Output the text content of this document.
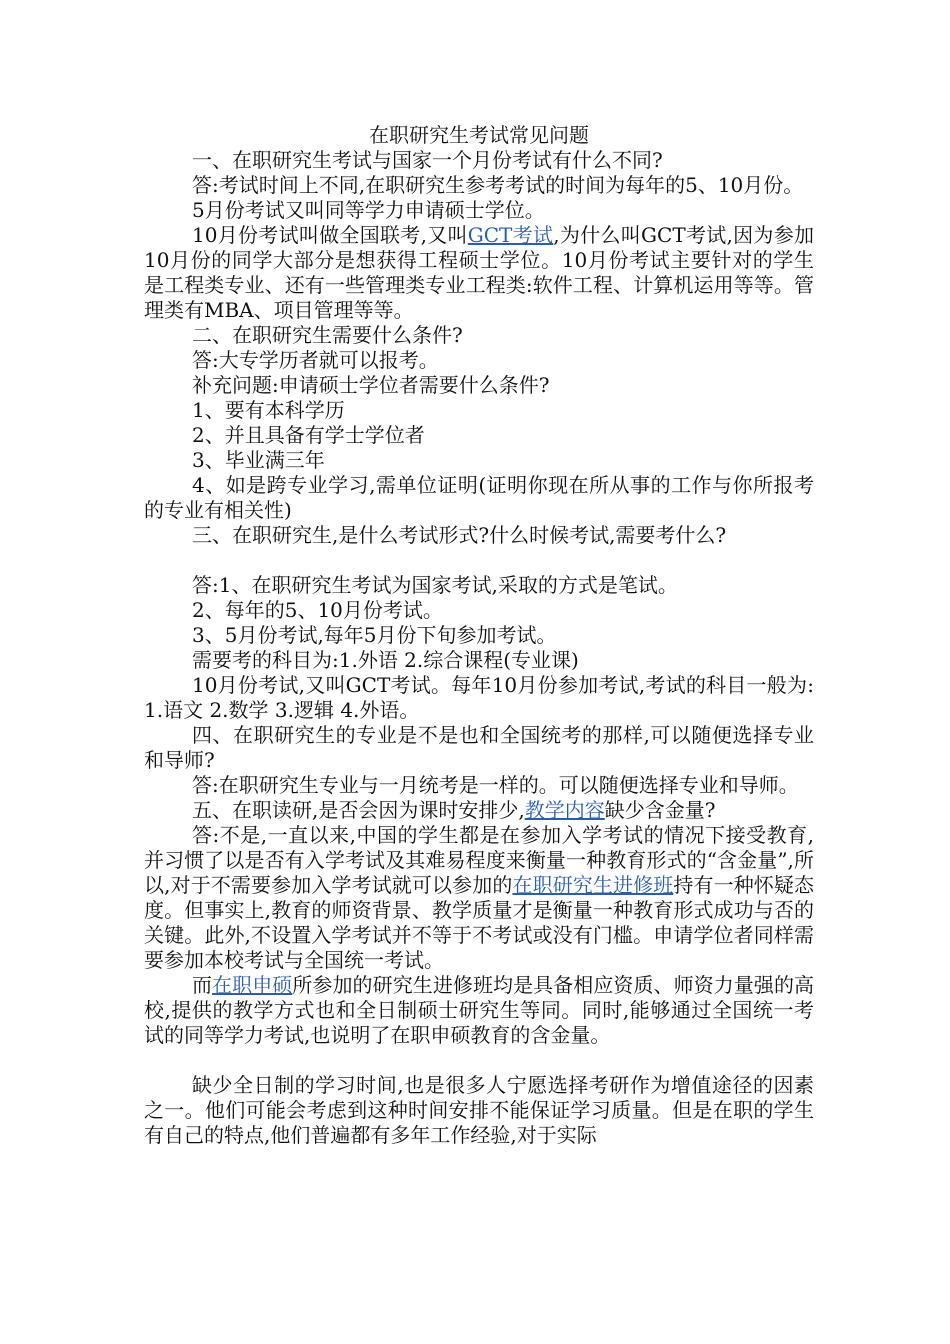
在职研究生考试常见问题

一、在职研究生考试与国家一个月份考试有什么不同?

答:考试时间上不同,在职研究生参考考试的时间为每年的5、10月份。

5月份考试又叫同等学力申请硕士学位。

10月份考试叫做全国联考,又叫GCT考试,为什么叫GCT考试,因为参加10月份的同学大部分是想获得工程硕士学位。10月份考试主要针对的学生是工程类专业、还有一些管理类专业工程类:软件工程、计算机运用等等。管理类有MBA、项目管理等等。

二、在职研究生需要什么条件?

答:大专学历者就可以报考。

补充问题:申请硕士学位者需要什么条件?

1、要有本科学历

2、并且具备有学士学位者

3、毕业满三年

4、如是跨专业学习,需单位证明(证明你现在所从事的工作与你所报考的专业有相关性)

三、在职研究生,是什么考试形式?什么时候考试,需要考什么?

答:1、在职研究生考试为国家考试,采取的方式是笔试。

2、每年的5、10月份考试。

3、5月份考试,每年5月份下旬参加考试。

需要考的科目为:1.外语 2.综合课程(专业课)

10月份考试,又叫GCT考试。每年10月份参加考试,考试的科目一般为:1.语文 2.数学 3.逻辑 4.外语。

四、在职研究生的专业是不是也和全国统考的那样,可以随便选择专业和导师?

答:在职研究生专业与一月统考是一样的。可以随便选择专业和导师。

五、在职读研,是否会因为课时安排少,教学内容缺少含金量?

答:不是,一直以来,中国的学生都是在参加入学考试的情况下接受教育,并习惯了以是否有入学考试及其难易程度来衡量一种教育形式的“含金量”,所以,对于不需要参加入学考试就可以参加的在职研究生进修班持有一种怀疑态度。但事实上,教育的师资背景、教学质量才是衡量一种教育形式成功与否的关键。此外,不设置入学考试并不等于不考试或没有门槛。申请学位者同样需要参加本校考试与全国统一考试。

而在职申硕所参加的研究生进修班均是具备相应资质、师资力量强的高校,提供的教学方式也和全日制硕士研究生等同。同时,能够通过全国统一考试的同等学力考试,也说明了在职申硕教育的含金量。

缺少全日制的学习时间,也是很多人宁愿选择考研作为增值途径的因素之一。他们可能会考虑到这种时间安排不能保证学习质量。但是在职的学生有自己的特点,他们普遍都有多年工作经验,对于实际
